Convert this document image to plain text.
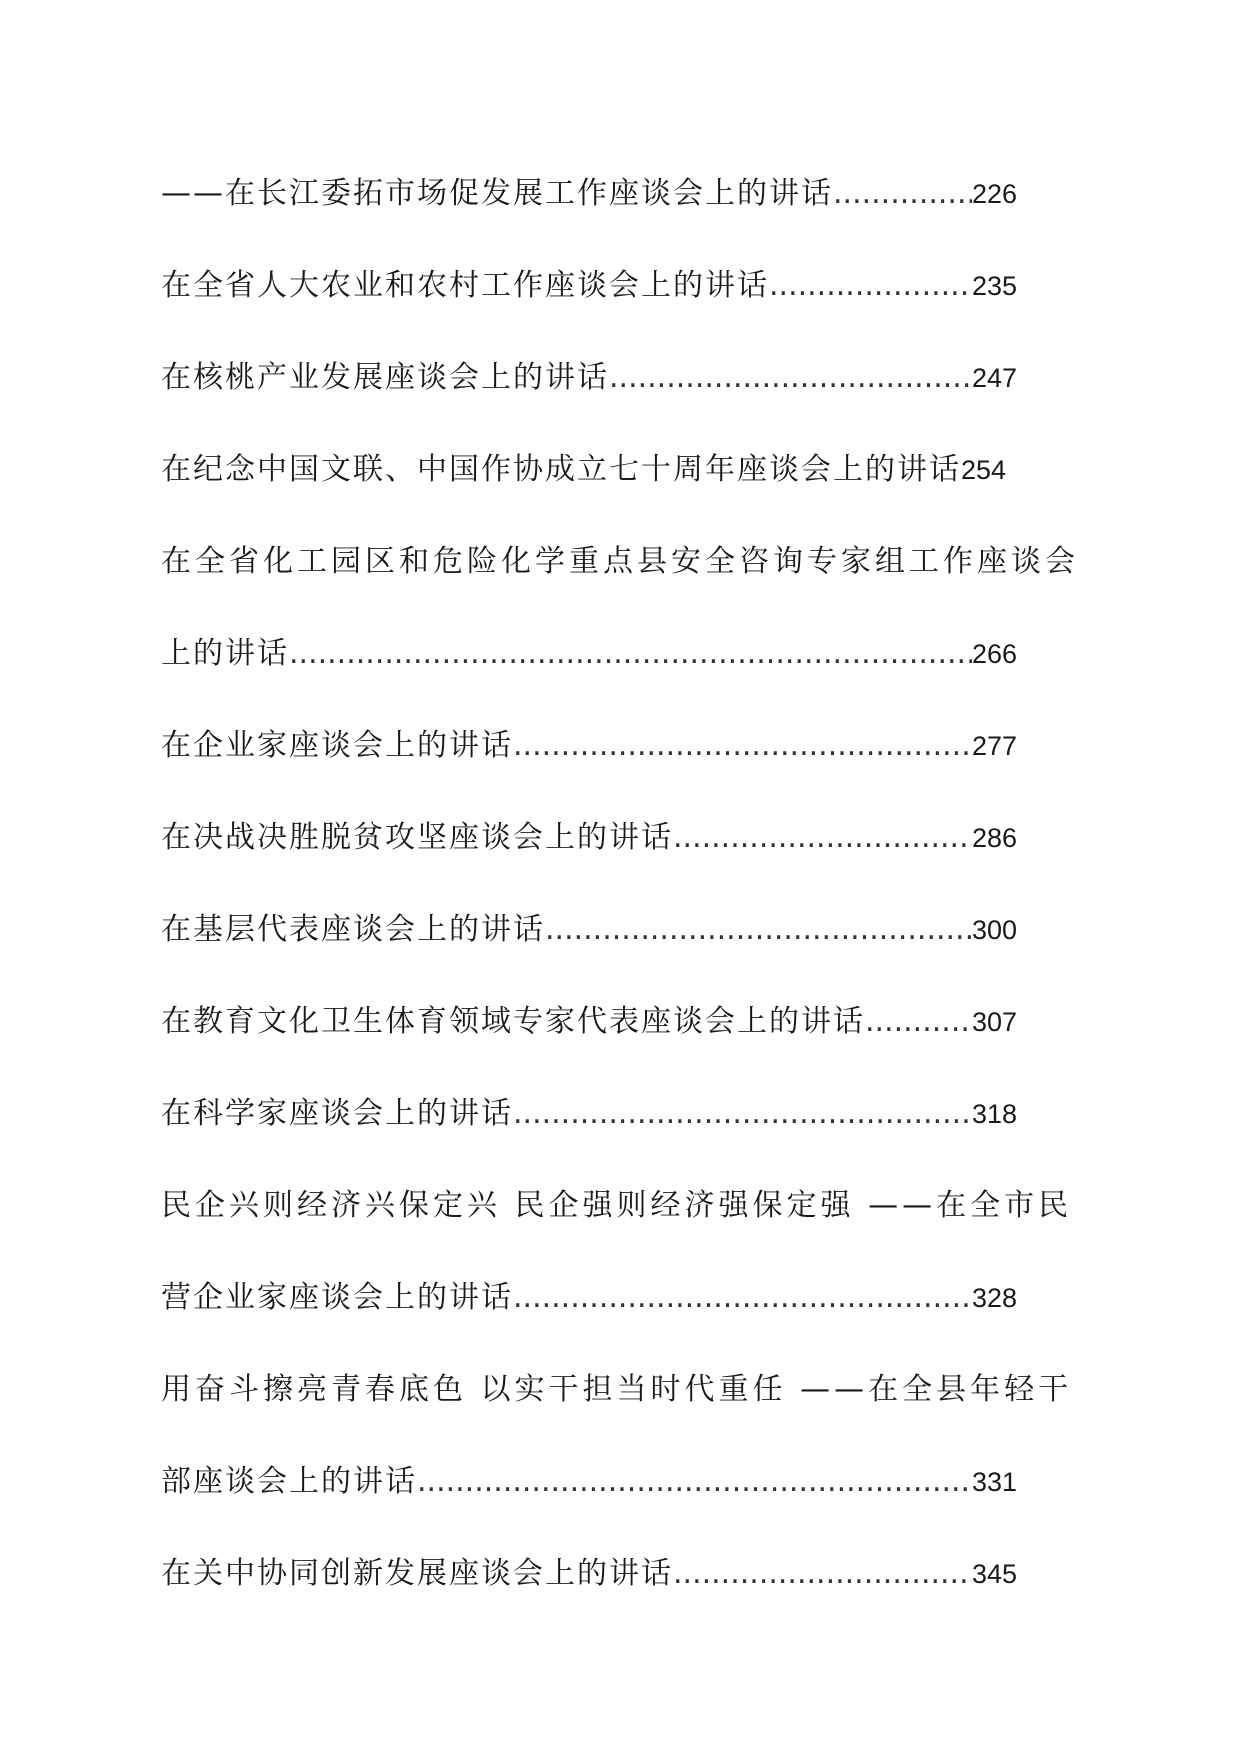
——在长江委拓市场促发展工作座谈会上的讲话 .....	226
在全省人大农业和农村工作座谈会上的讲话 .....	235
在核桃产业发展座谈会上的讲话 .....	247
在纪念中国文联、中国作协成立七十周年座谈会上的讲话 254
在全省化工园区和危险化学重点县安全咨询专家组工作座谈会
上的讲话 .....	266
在企业家座谈会上的讲话 .....	277
在决战决胜脱贫攻坚座谈会上的讲话 .....	286
在基层代表座谈会上的讲话 .....	300
在教育文化卫生体育领域专家代表座谈会上的讲话 .....	307
在科学家座谈会上的讲话 .....	318
民企兴则经济兴保定兴 民企强则经济强保定强 ——在全市民
营企业家座谈会上的讲话 .....	328
用奋斗擦亮青春底色 以实干担当时代重任 ——在全县年轻干
部座谈会上的讲话 .....	331
在关中协同创新发展座谈会上的讲话 .....	345
